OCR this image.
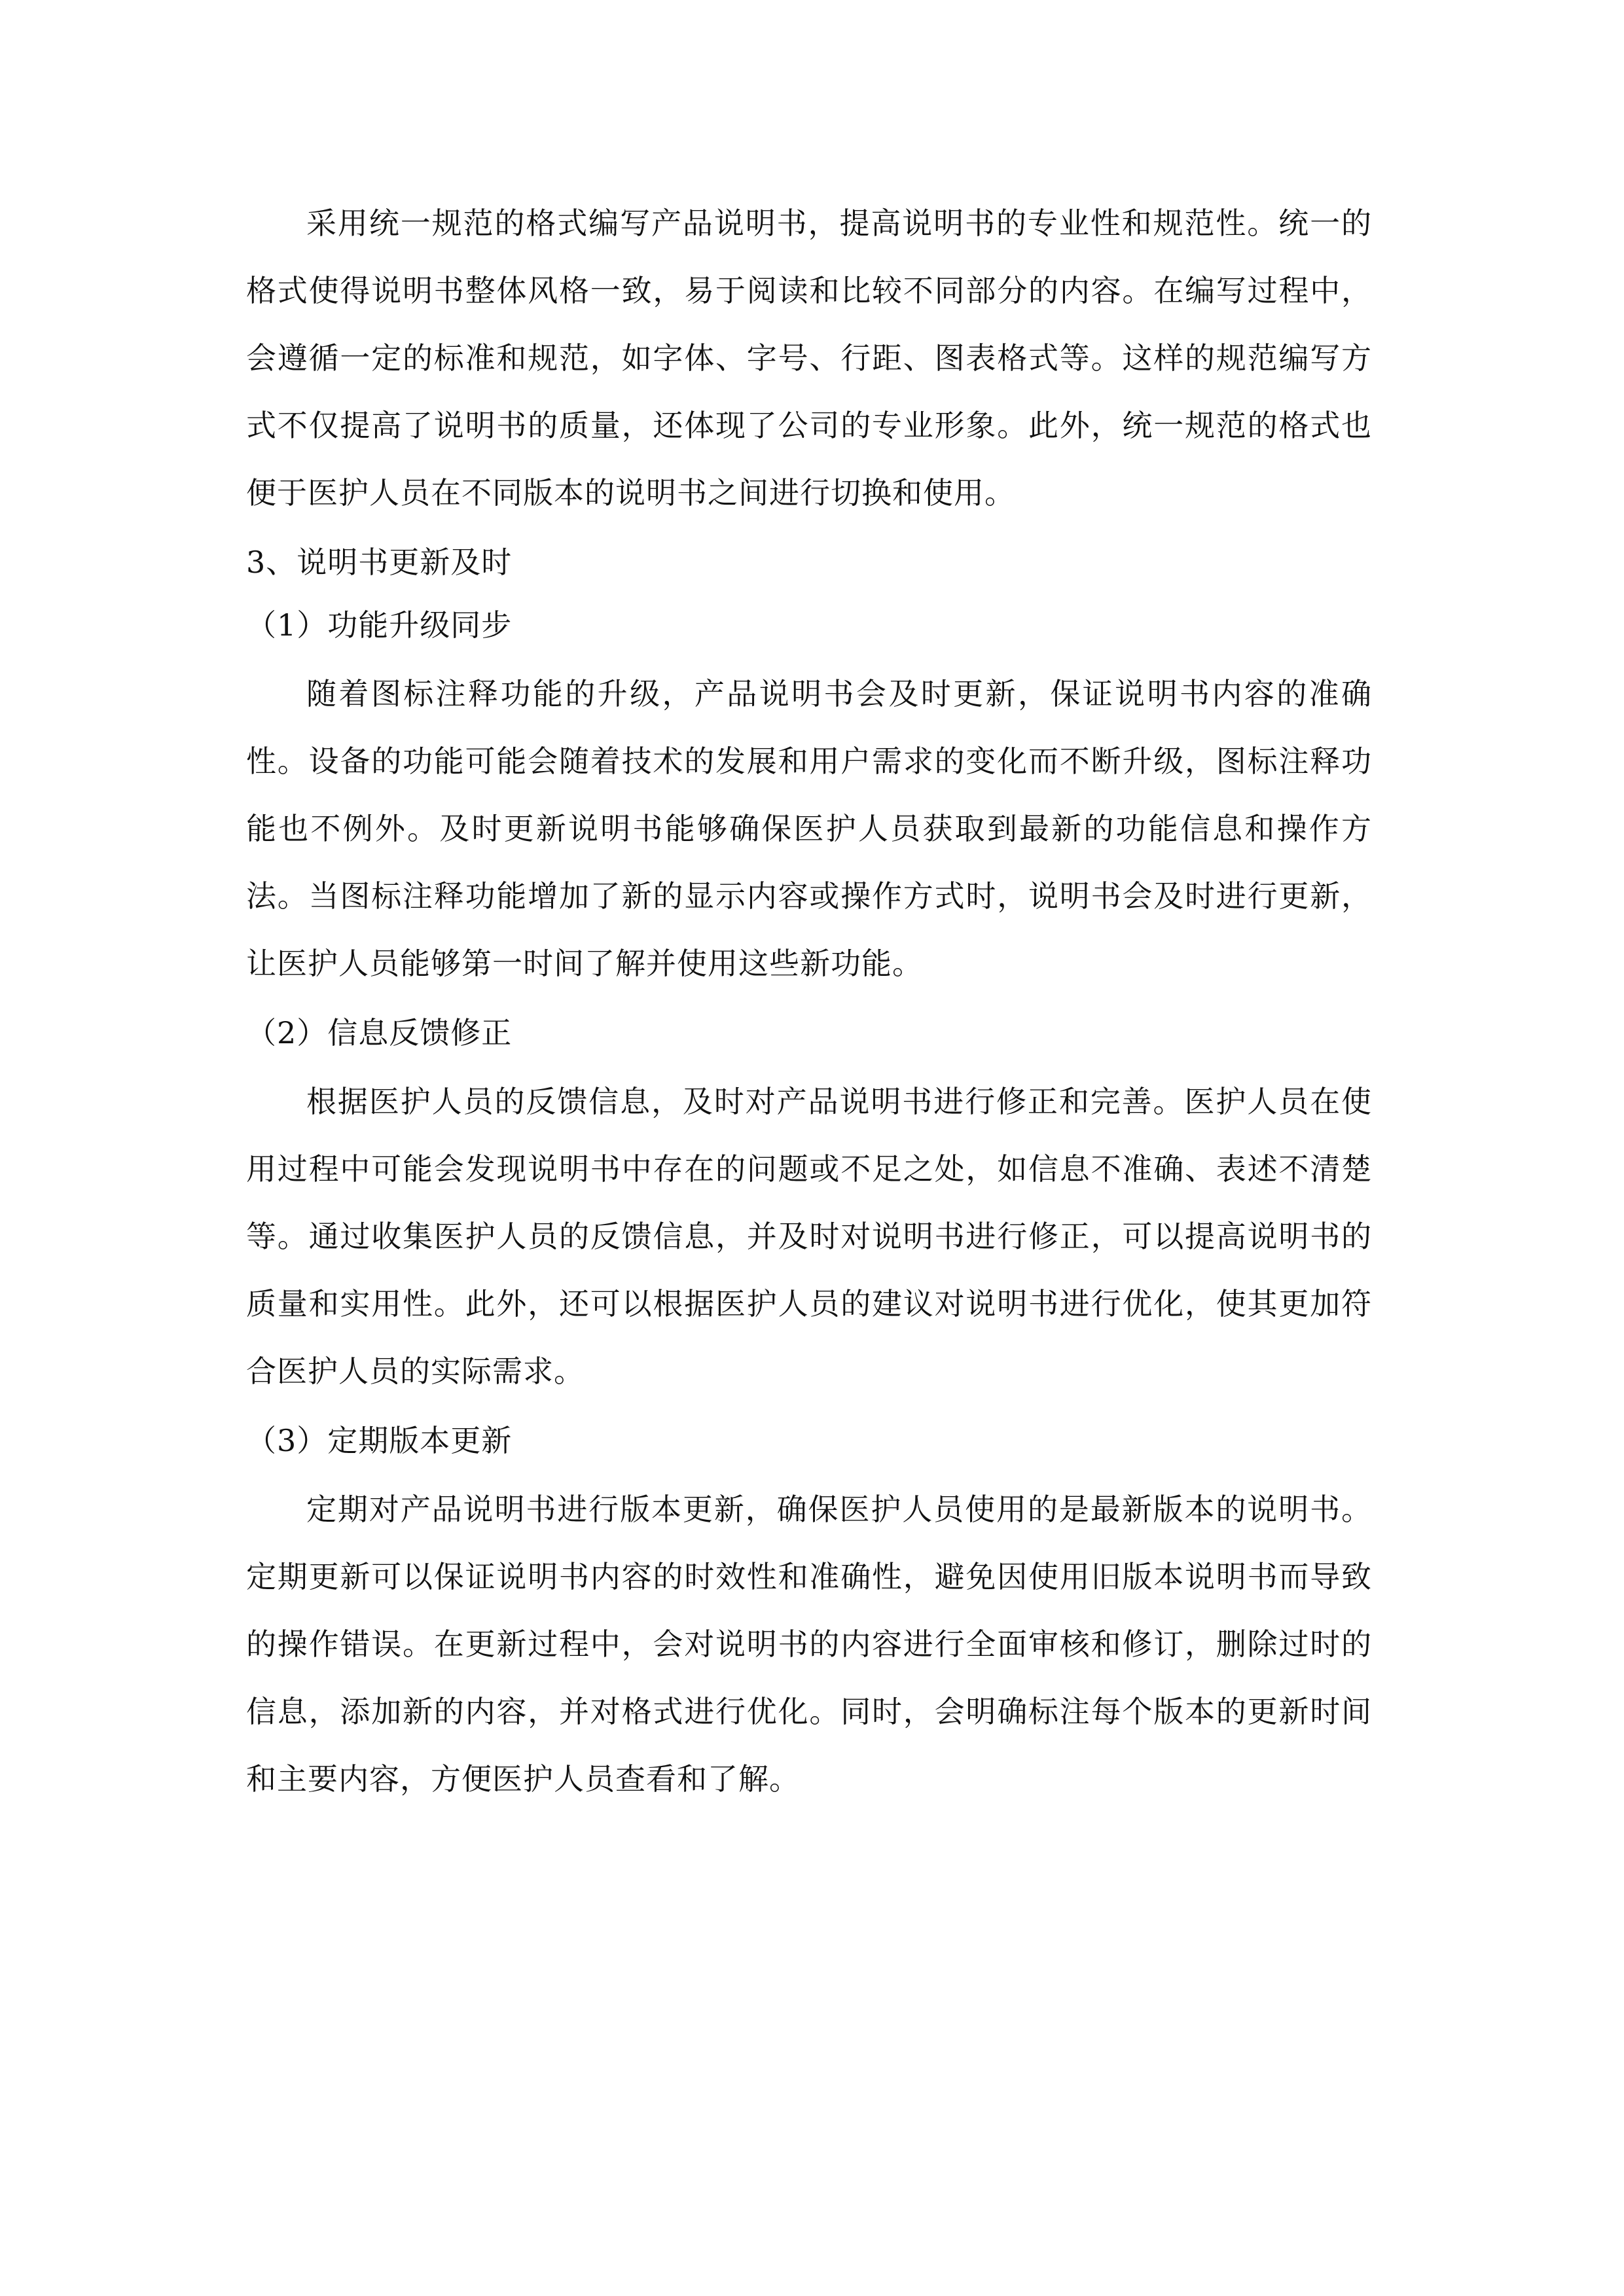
采用统一规范的格式编写产品说明书，提高说明书的专业性和规范性。统一的格式使得说明书整体风格一致，易于阅读和比较不同部分的内容。在编写过程中，会遵循一定的标准和规范，如字体、字号、行距、图表格式等。这样的规范编写方式不仅提高了说明书的质量，还体现了公司的专业形象。此外，统一规范的格式也便于医护人员在不同版本的说明书之间进行切换和使用。

3、说明书更新及时

（1）功能升级同步

随着图标注释功能的升级，产品说明书会及时更新，保证说明书内容的准确性。设备的功能可能会随着技术的发展和用户需求的变化而不断升级，图标注释功能也不例外。及时更新说明书能够确保医护人员获取到最新的功能信息和操作方法。当图标注释功能增加了新的显示内容或操作方式时，说明书会及时进行更新，让医护人员能够第一时间了解并使用这些新功能。

（2）信息反馈修正

根据医护人员的反馈信息，及时对产品说明书进行修正和完善。医护人员在使用过程中可能会发现说明书中存在的问题或不足之处，如信息不准确、表述不清楚等。通过收集医护人员的反馈信息，并及时对说明书进行修正，可以提高说明书的质量和实用性。此外，还可以根据医护人员的建议对说明书进行优化，使其更加符合医护人员的实际需求。

（3）定期版本更新

定期对产品说明书进行版本更新，确保医护人员使用的是最新版本的说明书。定期更新可以保证说明书内容的时效性和准确性，避免因使用旧版本说明书而导致的操作错误。在更新过程中，会对说明书的内容进行全面审核和修订，删除过时的信息，添加新的内容，并对格式进行优化。同时，会明确标注每个版本的更新时间和主要内容，方便医护人员查看和了解。
